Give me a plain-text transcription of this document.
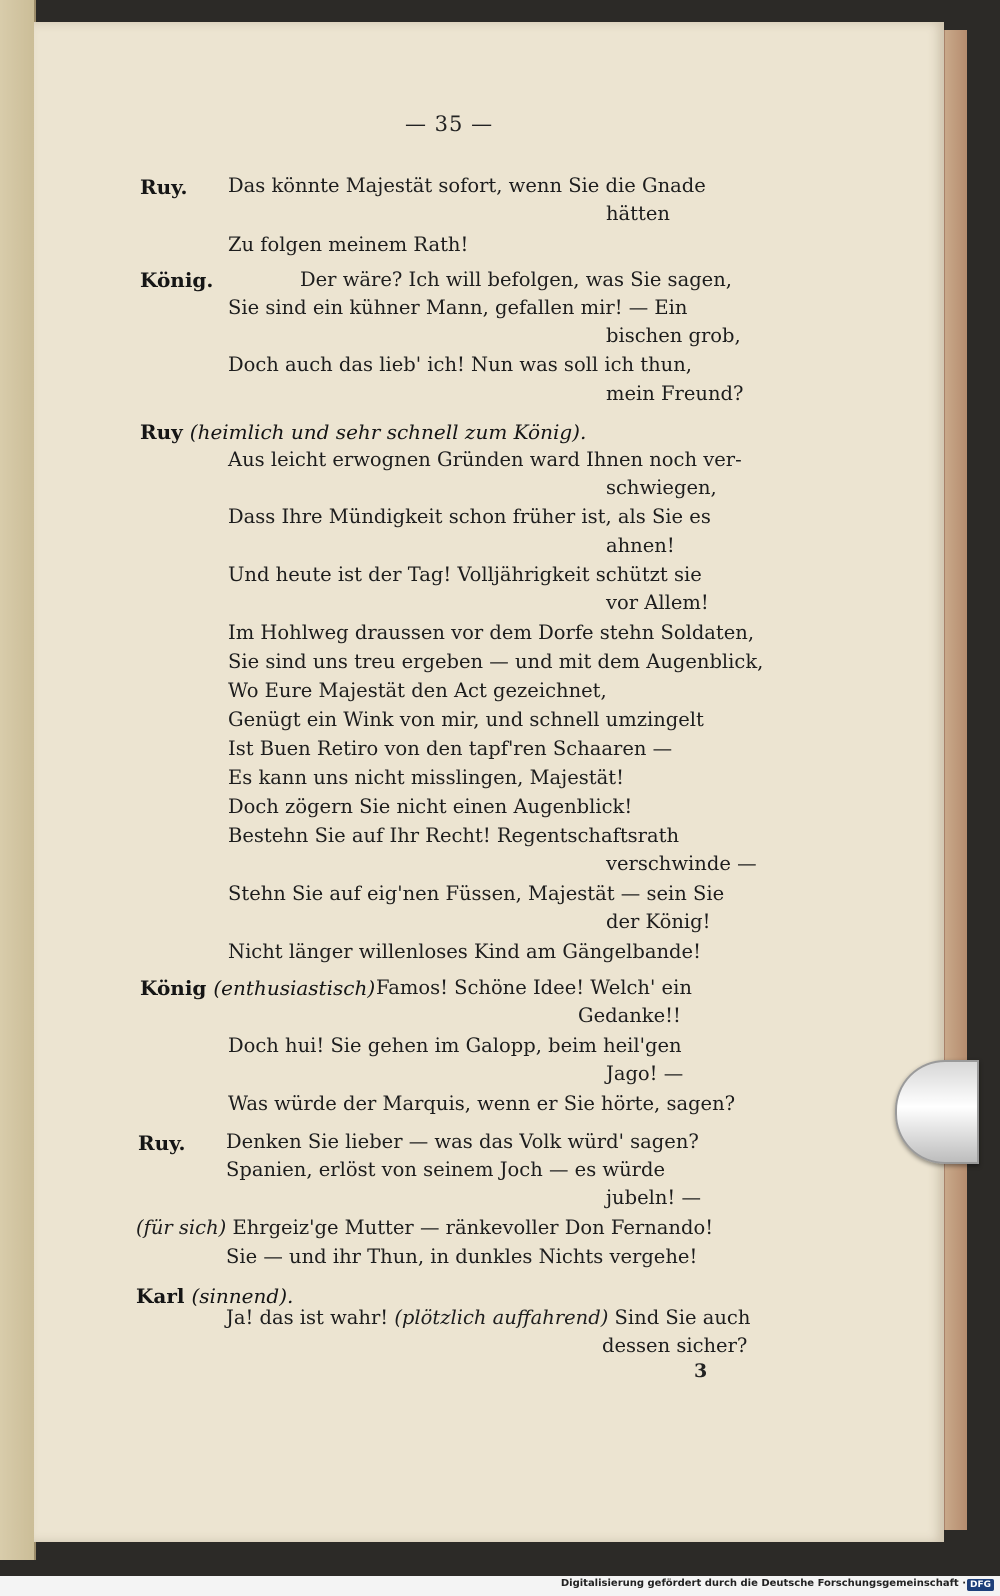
— 35 —
Ruy. Das könnte Majestät sofort, wenn Sie die Gnade
hätten
Zu folgen meinem Rath!
König.	Der wäre? Ich will befolgen, was Sie sagen,
Sie sind ein kühner Mann, gefallen mir! — Ein
bischen grob,
Doch auch das lieb' ich! Nun was soll ich thun,
mein Freund?
Ruy (heimlich und sehr schnell zum König).
Aus leicht erwognen Gründen ward Ihnen noch ver-
schwiegen,
Dass Ihre Mündigkeit schon früher ist, als Sie es
ahnen!
Und heute ist der Tag! Volljährigkeit schützt sie
vor Allem!
Im Hohlweg draussen vor dem Dorfe stehn Soldaten,
Sie sind uns treu ergeben — und mit dem Augenblick,
Wo Eure Majestät den Act gezeichnet,
Genügt ein Wink von mir, und schnell umzingelt
Ist Buen Retiro von den tapf'ren Schaaren —
Es kann uns nicht misslingen, Majestät!
Doch zögern Sie nicht einen Augenblick!
Bestehn Sie auf Ihr Recht! Regentschaftsrath
verschwinde —
Stehn Sie auf eig'nen Füssen, Majestät — sein Sie
der König!
Nicht länger willenloses Kind am Gängelbande!
König (enthusiastisch) Famos! Schöne Idee! Welch' ein
Gedanke!!
Doch hui! Sie gehen im Galopp, beim heil'gen
Jago! —
Was würde der Marquis, wenn er Sie hörte, sagen?
Ruy. Denken Sie lieber — was das Volk würd' sagen?
Spanien, erlöst von seinem Joch — es würde
jubeln! —
(für sich) Ehrgeiz'ge Mutter — ränkevoller Don Fernando!
Sie — und ihr Thun, in dunkles Nichts vergehe!
Karl (sinnend).
Ja! das ist wahr! (plötzlich auffahrend) Sind Sie auch
dessen sicher?
3
Digitalisierung gefördert durch die Deutsche Forschungsgemeinschaft · DFG
